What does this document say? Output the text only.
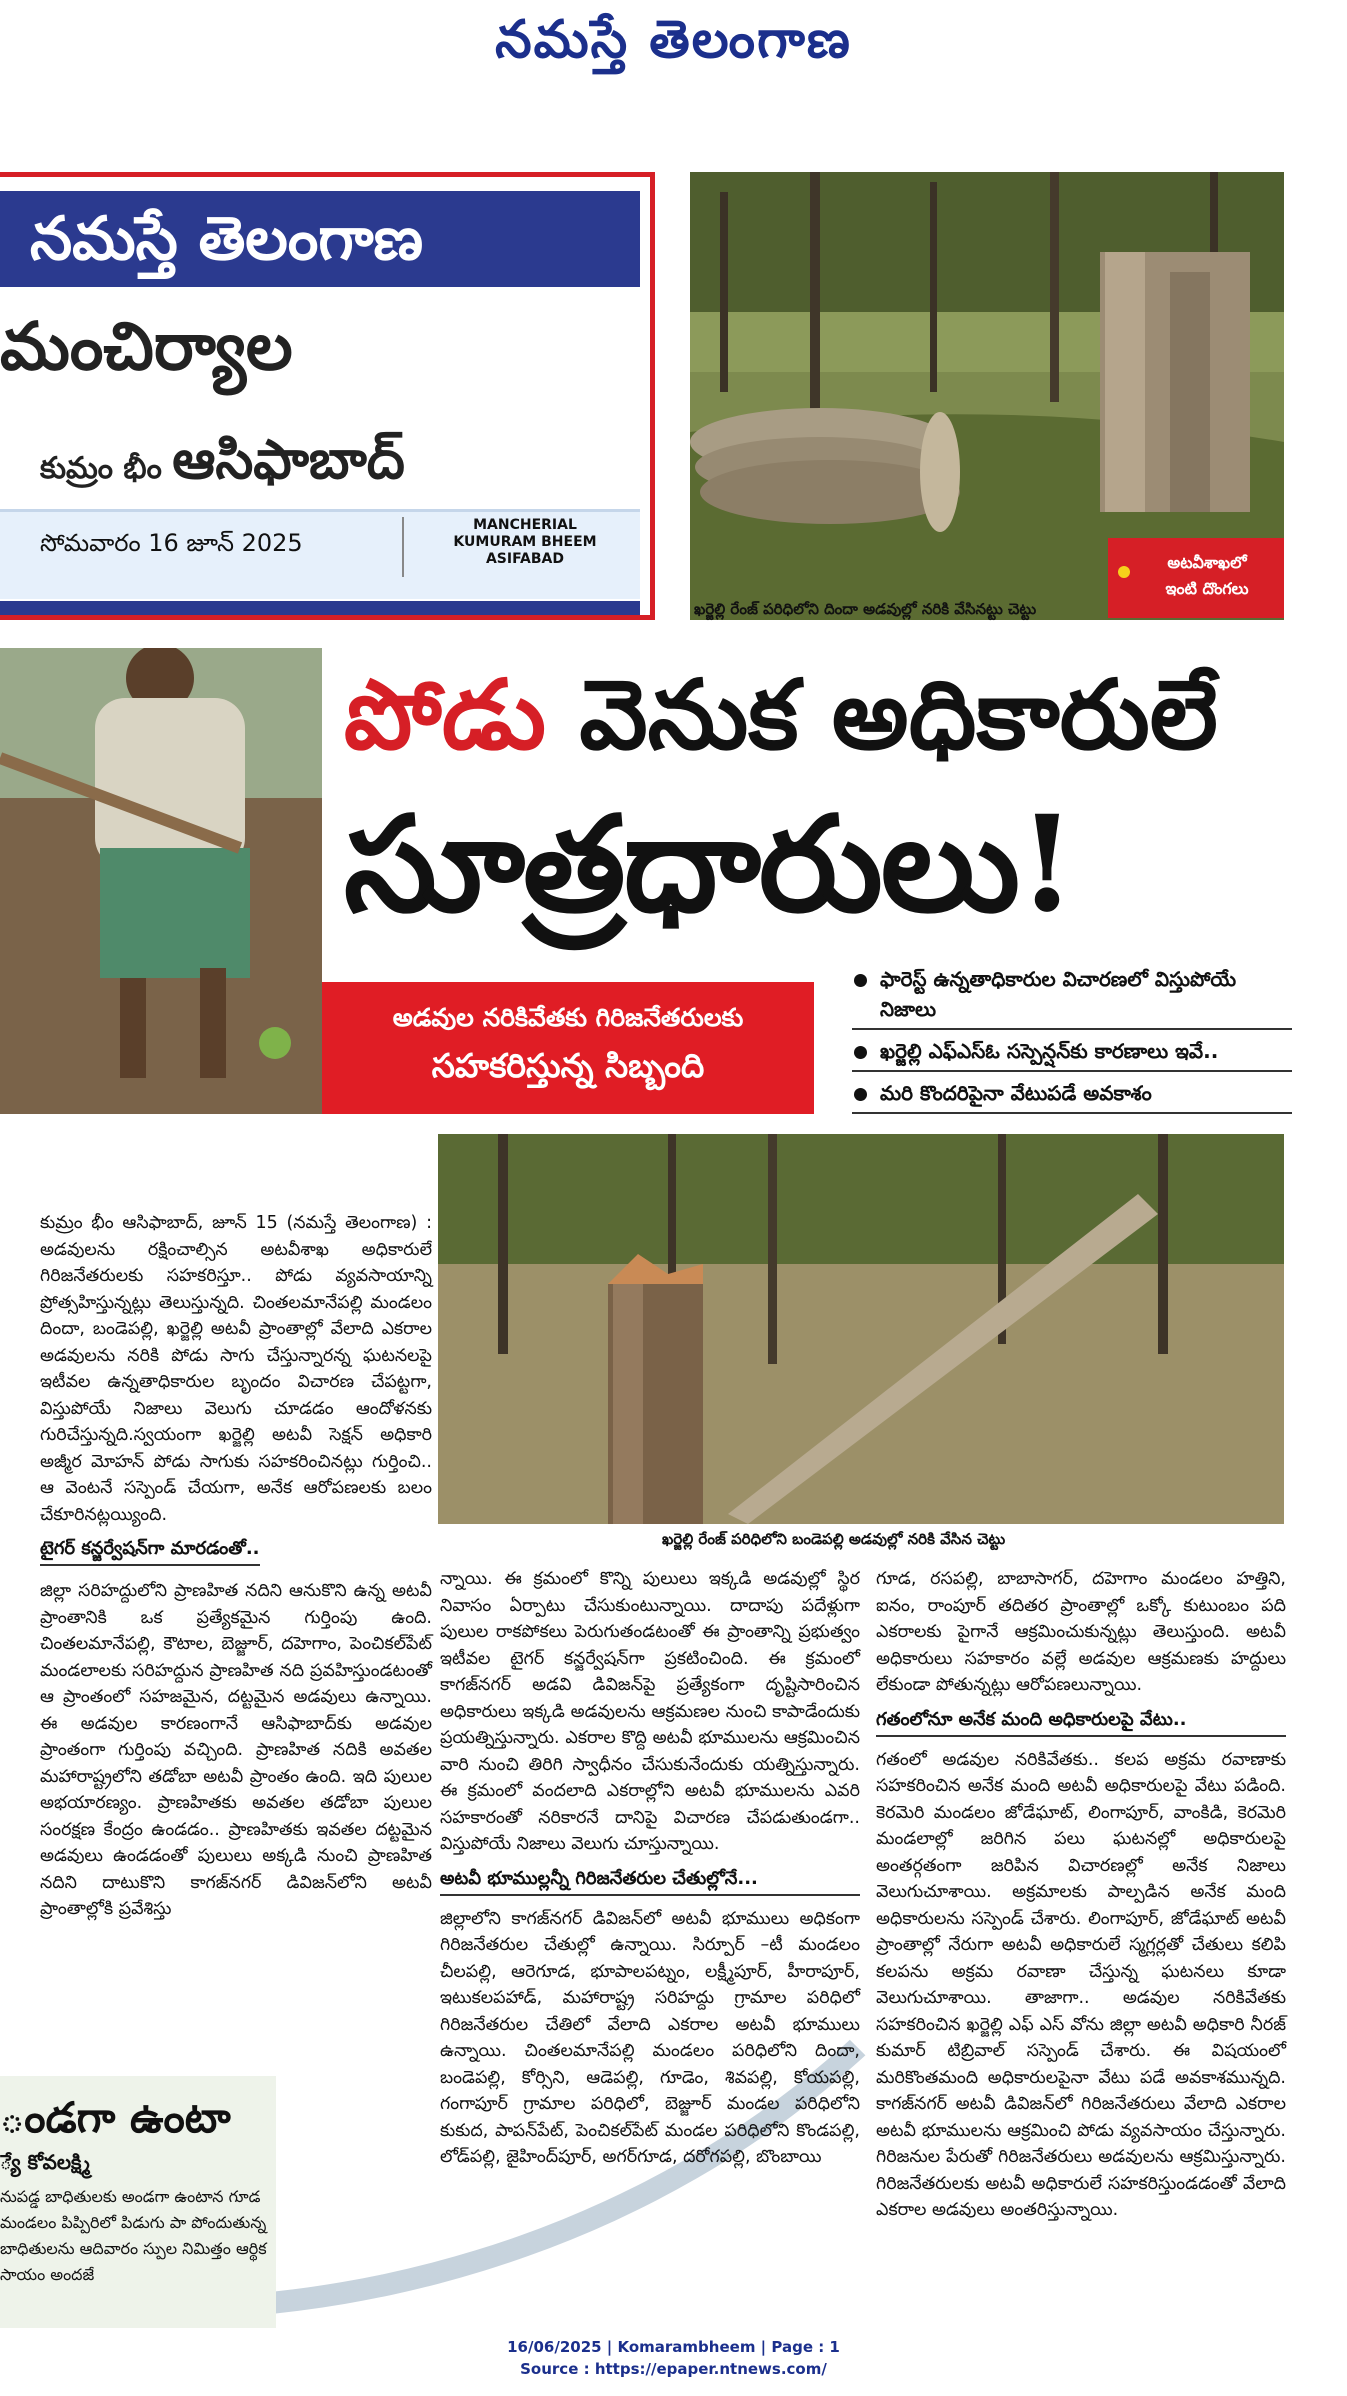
నమస్తే తెలంగాణ
నమస్తే తెలంగాణ
మంచిర్యాల
కుమ్రం భీం ఆసిఫాబాద్
సోమవారం 16 జూన్ 2025
MANCHERIAL
KUMURAM BHEEM
ASIFABAD
ఖర్జెల్లి రేంజ్ పరిధిలోని దిందా అడవుల్లో నరికి వేసినట్టు చెట్టు
అటవీశాఖలో
ఇంటి దొంగలు
పోడు వెనుక అధికారులే
సూత్రధారులు!
అడవుల నరికివేతకు గిరిజనేతరులకు
సహకరిస్తున్న సిబ్బంది
ఫారెస్ట్ ఉన్నతాధికారుల విచారణలో విస్తుపోయే నిజాలు
ఖర్జెల్లి ఎఫ్ఎస్ఓ సస్పెన్షన్‌కు కారణాలు ఇవే..
మరి కొందరిపైనా వేటుపడే అవకాశం
ఖర్జెల్లి రేంజ్ పరిధిలోని బండెపల్లి అడవుల్లో నరికి వేసిన చెట్టు

కుమ్రం భీం ఆసిఫాబాద్, జూన్ 15 (నమస్తే తెలంగాణ) : అడవులను రక్షించాల్సిన అటవీశాఖ అధికారులే గిరిజనేతరులకు సహకరిస్తూ.. పోడు వ్యవసాయాన్ని ప్రోత్సహిస్తున్నట్లు తెలుస్తున్నది. చింతలమానేపల్లి మండలం దిందా, బండెపల్లి, ఖర్జెల్లి అటవీ ప్రాంతాల్లో వేలాది ఎకరాల అడవులను నరికి పోడు సాగు చేస్తున్నారన్న ఘటనలపై ఇటీవల ఉన్నతాధికారుల బృందం విచారణ చేపట్టగా, విస్తుపోయే నిజాలు వెలుగు చూడడం ఆందోళనకు గురిచేస్తున్నది.స్వయంగా ఖర్జెల్లి అటవీ సెక్షన్ అధికారి అజ్మీర మోహన్ పోడు సాగుకు సహకరించినట్లు గుర్తించి.. ఆ వెంటనే సస్పెండ్ చేయగా, అనేక ఆరోపణలకు బలం చేకూరినట్లయ్యింది.

టైగర్ కన్జర్వేషన్‌గా మారడంతో..

జిల్లా సరిహద్దులోని ప్రాణహిత నదిని ఆనుకొని ఉన్న అటవీ ప్రాంతానికి ఒక ప్రత్యేకమైన గుర్తింపు ఉంది. చింతలమానేపల్లి, కౌటాల, బెజ్జూర్, దహెగాం, పెంచికల్‌పేట్ మండలాలకు సరిహద్దున ప్రాణహిత నది ప్రవహిస్తుండటంతో ఆ ప్రాంతంలో సహజమైన, దట్టమైన అడవులు ఉన్నాయి. ఈ అడవుల కారణంగానే ఆసిఫాబాద్‌కు అడవుల ప్రాంతంగా గుర్తింపు వచ్చింది. ప్రాణహిత నదికి అవతల మహారాష్ట్రలోని తడోబా అటవీ ప్రాంతం ఉంది. ఇది పులుల అభయారణ్యం. ప్రాణహితకు అవతల తడోబా పులుల సంరక్షణ కేంద్రం ఉండడం.. ప్రాణహితకు ఇవతల దట్టమైన అడవులు ఉండడంతో పులులు అక్కడి నుంచి ప్రాణహిత నదిని దాటుకొని కాగజ్‌నగర్ డివిజన్‌లోని అటవీ ప్రాంతాల్లోకి ప్రవేశిస్తు

న్నాయి. ఈ క్రమంలో కొన్ని పులులు ఇక్కడి అడవుల్లో స్థిర నివాసం ఏర్పాటు చేసుకుంటున్నాయి. దాదాపు పదేళ్లుగా పులుల రాకపోకలు పెరుగుతండటంతో ఈ ప్రాంతాన్ని ప్రభుత్వం ఇటీవల టైగర్ కన్జర్వేషన్‌గా ప్రకటించింది. ఈ క్రమంలో కాగజ్‌నగర్ అడవి డివిజన్‌పై ప్రత్యేకంగా దృష్టిసారించిన అధికారులు ఇక్కడి అడవులను ఆక్రమణల నుంచి కాపాడేందుకు ప్రయత్నిస్తున్నారు. ఎకరాల కొద్ది అటవీ భూములను ఆక్రమించిన వారి నుంచి తిరిగి స్వాధీనం చేసుకునేందుకు యత్నిస్తున్నారు. ఈ క్రమంలో వందలాది ఎకరాల్లోని అటవీ భూములను ఎవరి సహకారంతో నరికారనే దానిపై విచారణ చేపడుతుండగా.. విస్తుపోయే నిజాలు వెలుగు చూస్తున్నాయి.

అటవీ భూముల్లన్నీ గిరిజనేతరుల చేతుల్లోనే...

జిల్లాలోని కాగజ్‌నగర్ డివిజన్‌లో అటవీ భూములు అధికంగా గిరిజనేతరుల చేతుల్లో ఉన్నాయి. సిర్పూర్ –టీ మండలం చీలపల్లి, ఆరెగూడ, భూపాలపట్నం, లక్ష్మీపూర్, హీరాపూర్, ఇటుకలపహాడ్, మహారాష్ట్ర సరిహద్దు గ్రామాల పరిధిలో గిరిజనేతరుల చేతిలో వేలాది ఎకరాల అటవీ భూములు ఉన్నాయి. చింతలమానేపల్లి మండలం పరిధిలోని దిందా, బండెపల్లి, కోర్సిని, ఆడెపల్లి, గూడెం, శివపల్లి, కోయపల్లి, గంగాపూర్ గ్రామాల పరిధిలో, బెజ్జూర్ మండల పరిధిలోని కుకుద, పాపన్‌పేట్, పెంచికల్‌పేట్ మండల పరిధిలోని కొండపల్లి, లోడ్‌పల్లి, జైహింద్‌పూర్, అగర్‌గూడ, దరోగపల్లి, బొంబాయి

గూడ, రసపల్లి, బాబాసాగర్, దహెగాం మండలం హత్తిని, ఐనం, రాంపూర్ తదితర ప్రాంతాల్లో ఒక్కో కుటుంబం పది ఎకరాలకు పైగానే ఆక్రమించుకున్నట్లు తెలుస్తుంది. అటవీ అధికారులు సహకారం వల్లే అడవుల ఆక్రమణకు హద్దులు లేకుండా పోతున్నట్లు ఆరోపణలున్నాయి.

గతంలోనూ అనేక మంది అధికారులపై వేటు..

గతంలో అడవుల నరికివేతకు.. కలప అక్రమ రవాణాకు సహకరించిన అనేక మంది అటవీ అధికారులపై వేటు పడింది. కెరమెరి మండలం జోడేఘాట్, లింగాపూర్, వాంకిడి, కెరమెరి మండలాల్లో జరిగిన పలు ఘటనల్లో అధికారులపై అంతర్గతంగా జరిపిన విచారణల్లో అనేక నిజాలు వెలుగుచూశాయి. అక్రమాలకు పాల్పడిన అనేక మంది అధికారులను సస్పెండ్ చేశారు. లింగాపూర్, జోడేఘాట్ అటవీ ప్రాంతాల్లో నేరుగా అటవీ అధికారులే స్మగ్లర్లతో చేతులు కలిపి కలపను అక్రమ రవాణా చేస్తున్న ఘటనలు కూడా వెలుగుచూశాయి. తాజాగా.. అడవుల నరికివేతకు సహకరించిన ఖర్జెల్లి ఎఫ్ ఎస్‌ వోను జిల్లా అటవీ అధికారి నీరజ్ కుమార్ టిబ్రివాల్ సస్పెండ్ చేశారు. ఈ విషయంలో మరికొంతమంది అధికారులపైనా వేటు పడే అవకాశమున్నది. కాగజ్‌నగర్ అటవీ డివిజన్‌లో గిరిజనేతరులు వేలాది ఎకరాల అటవీ భూములను ఆక్రమించి పోడు వ్యవసాయం చేస్తున్నారు. గిరిజనుల పేరుతో గిరిజనేతరులు అడవులను ఆక్రమిస్తున్నారు. గిరిజనేతరులకు అటవీ అధికారులే సహకరిస్తుండడంతో వేలాది ఎకరాల అడవులు అంతరిస్తున్నాయి.

ండగా ఉంటా
్యే కోవలక్ష్మి

నుపడ్డ బాధితులకు అండగా ఉంటాన గూడ మండలం పిప్పిరిలో పిడుగు పా పోందుతున్న బాధితులను ఆదివారం స్పుల నిమిత్తం ఆర్థిక సాయం అందజే

16/06/2025 | Komarambheem | Page : 1
Source : https://epaper.ntnews.com/
